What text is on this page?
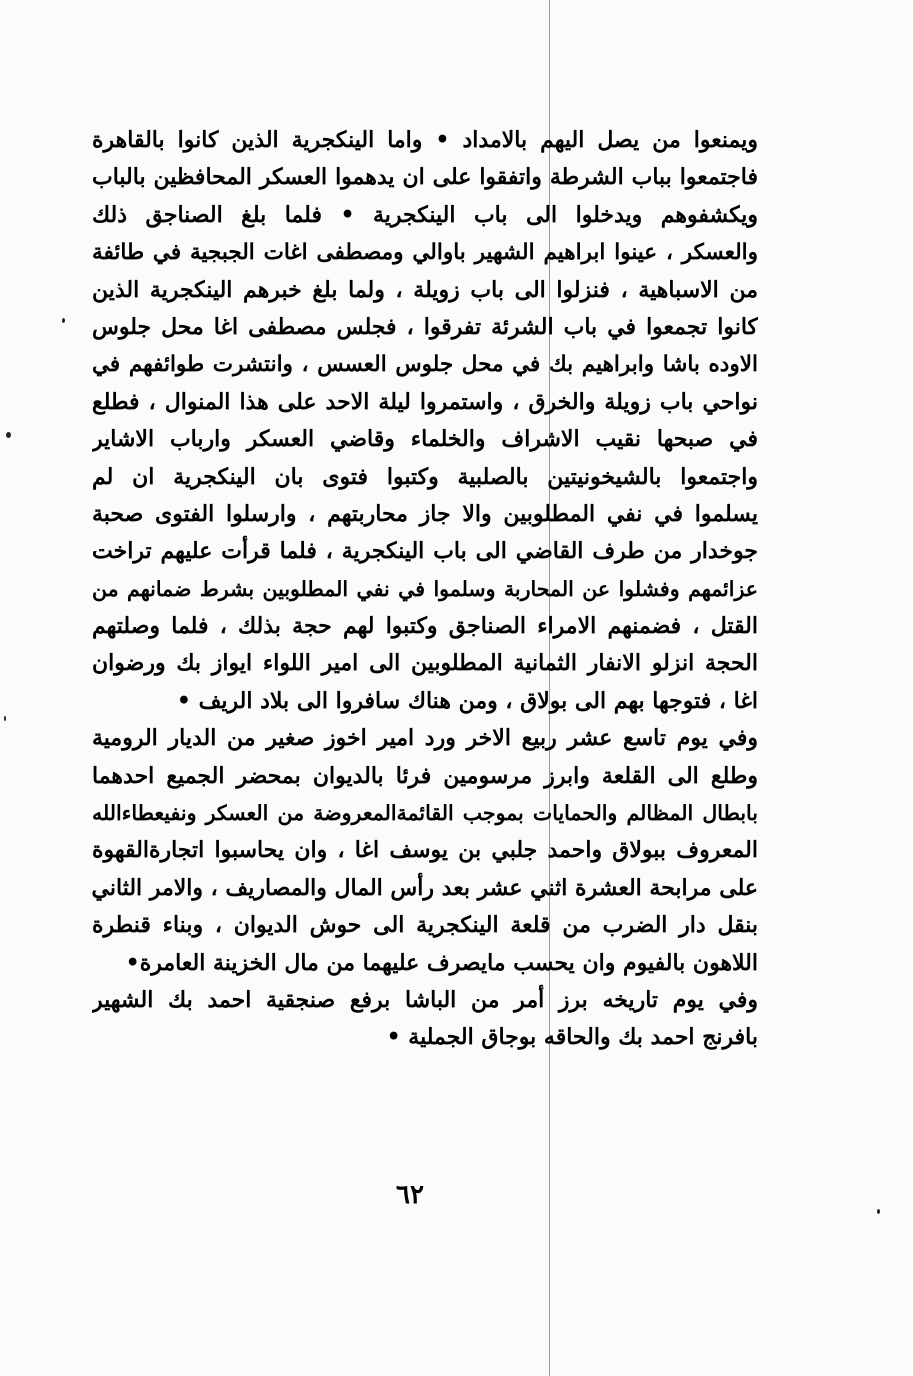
ويمنعوا من يصل اليهم بالامداد • واما الينكجرية الذين كانوا بالقاهرة
فاجتمعوا بباب الشرطة واتفقوا على ان يدهموا العسكر المحافظين بالباب
ويكشفوهم ويدخلوا الى باب الينكجرية • فلما بلغ الصناجق ذلك
والعسكر ، عينوا ابراهيم الشهير باوالي ومصطفى اغات الجبجية في طائفة
من الاسباهية ، فنزلوا الى باب زويلة ، ولما بلغ خبرهم الينكجرية الذين
كانوا تجمعوا في باب الشرئة تفرقوا ، فجلس مصطفى اغا محل جلوس
الاوده باشا وابراهيم بك في محل جلوس العسس ، وانتشرت طوائفهم في
نواحي باب زويلة والخرق ، واستمروا ليلة الاحد على هذا المنوال ، فطلع
في صبحها نقيب الاشراف والخلماء وقاضي العسكر وارباب الاشاير
واجتمعوا بالشيخونيتين بالصلبية وكتبوا فتوى بان الينكجرية ان لم
يسلموا في نفي المطلوبين والا جاز محاربتهم ، وارسلوا الفتوى صحبة
جوخدار من طرف القاضي الى باب الينكجرية ، فلما قرأت عليهم تراخت
عزائمهم وفشلوا عن المحاربة وسلموا في نفي المطلوبين بشرط ضمانهم من
القتل ، فضمنهم الامراء الصناجق وكتبوا لهم حجة بذلك ، فلما وصلتهم
الحجة انزلو الانفار الثمانية المطلوبين الى امير اللواء ايواز بك ورضوان
اغا ، فتوجها بهم الى بولاق ، ومن هناك سافروا الى بلاد الريف •
وفي يوم تاسع عشر ربيع الاخر ورد امير اخوز صغير من الديار الرومية
وطلع الى القلعة وابرز مرسومين فرئا بالديوان بمحضر الجميع احدهما
بابطال المظالم والحمايات بموجب القائمةالمعروضة من العسكر ونفيعطاءالله
المعروف ببولاق واحمد جلبي بن يوسف اغا ، وان يحاسبوا اتجارةالقهوة
على مرابحة العشرة اثني عشر بعد رأس المال والمصاريف ، والامر الثاني
بنقل دار الضرب من قلعة الينكجرية الى حوش الديوان ، وبناء قنطرة
اللاهون بالفيوم وان يحسب مايصرف عليهما من مال الخزينة العامرة•
وفي يوم تاريخه برز أمر من الباشا برفع صنجقية احمد بك الشهير
بافرنج احمد بك والحاقه بوجاق الجملية •
٦٢
